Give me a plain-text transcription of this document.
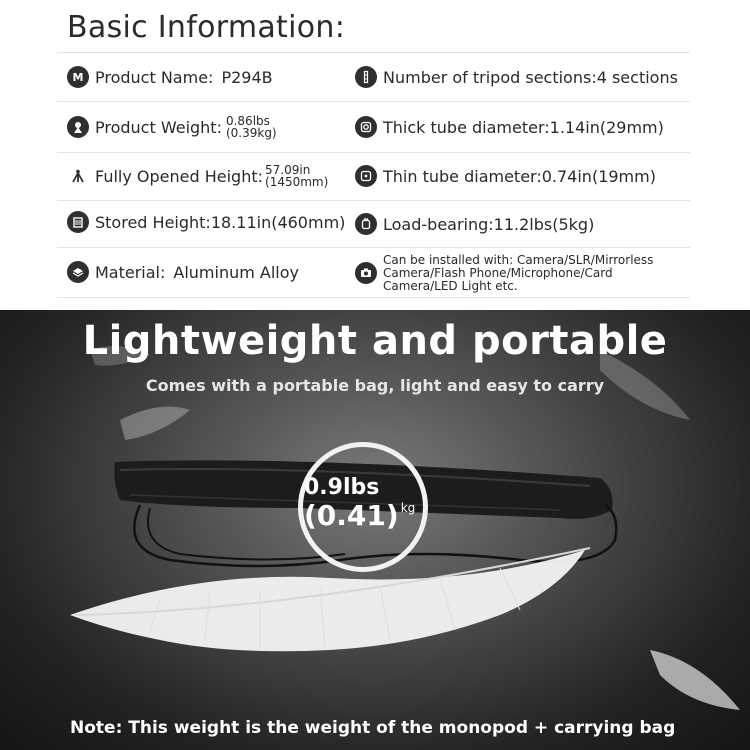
Basic Information:
M Product Name: P294B
Product Weight: 0.86lbs
(0.39kg)
Fully Opened Height: 57.09in
(1450mm)
Stored Height: 18.11in(460mm)
Material: Aluminum Alloy
Number of tripod sections: 4 sections
Thick tube diameter: 1.14in(29mm)
Thin tube diameter: 0.74in(19mm)
Load-bearing: 11.2lbs(5kg)
Can be installed with: Camera/SLR/Mirrorless Camera/Flash Phone/Microphone/Card Camera/LED Light etc.
Lightweight and portable
Comes with a portable bag, light and easy to carry
0.9lbs
(0.41) $^{kg}$
Note: This weight is the weight of the monopod + carrying bag
